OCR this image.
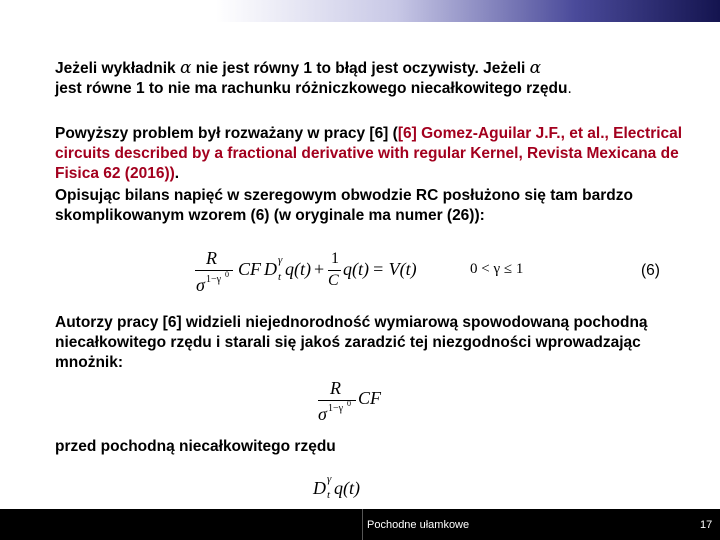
Jeżeli wykładnik α nie jest równy 1 to błąd jest oczywisty. Jeżeli α
jest równe 1 to nie ma rachunku różniczkowego niecałkowitego rzędu.

Powyższy problem był rozważany w pracy [6] ([6] Gomez-Aguilar J.F., et al., Electrical circuits described by a fractional derivative with regular Kernel, Revista Mexicana de Fisica 62 (2016)).

Opisując bilans napięć w szeregowym obwodzie RC posłużono się tam bardzo skomplikowanym wzorem (6) (w oryginale ma numer (26)):

R
σ 1−γ 0 CF D γ
t q(t) +
1
C
q(t) = V(t)	0 < γ ≤ 1	(6)

Autorzy pracy [6] widzieli niejednorodność wymiarową spowodowaną pochodną niecałkowitego rzędu i starali się jakoś zaradzić tej niezgodności wprowadzając mnożnik:

R
σ 1−γ 0 CF

przed pochodną niecałkowitego rzędu

D γ
t q(t)
Pochodne ułamkowe	17
